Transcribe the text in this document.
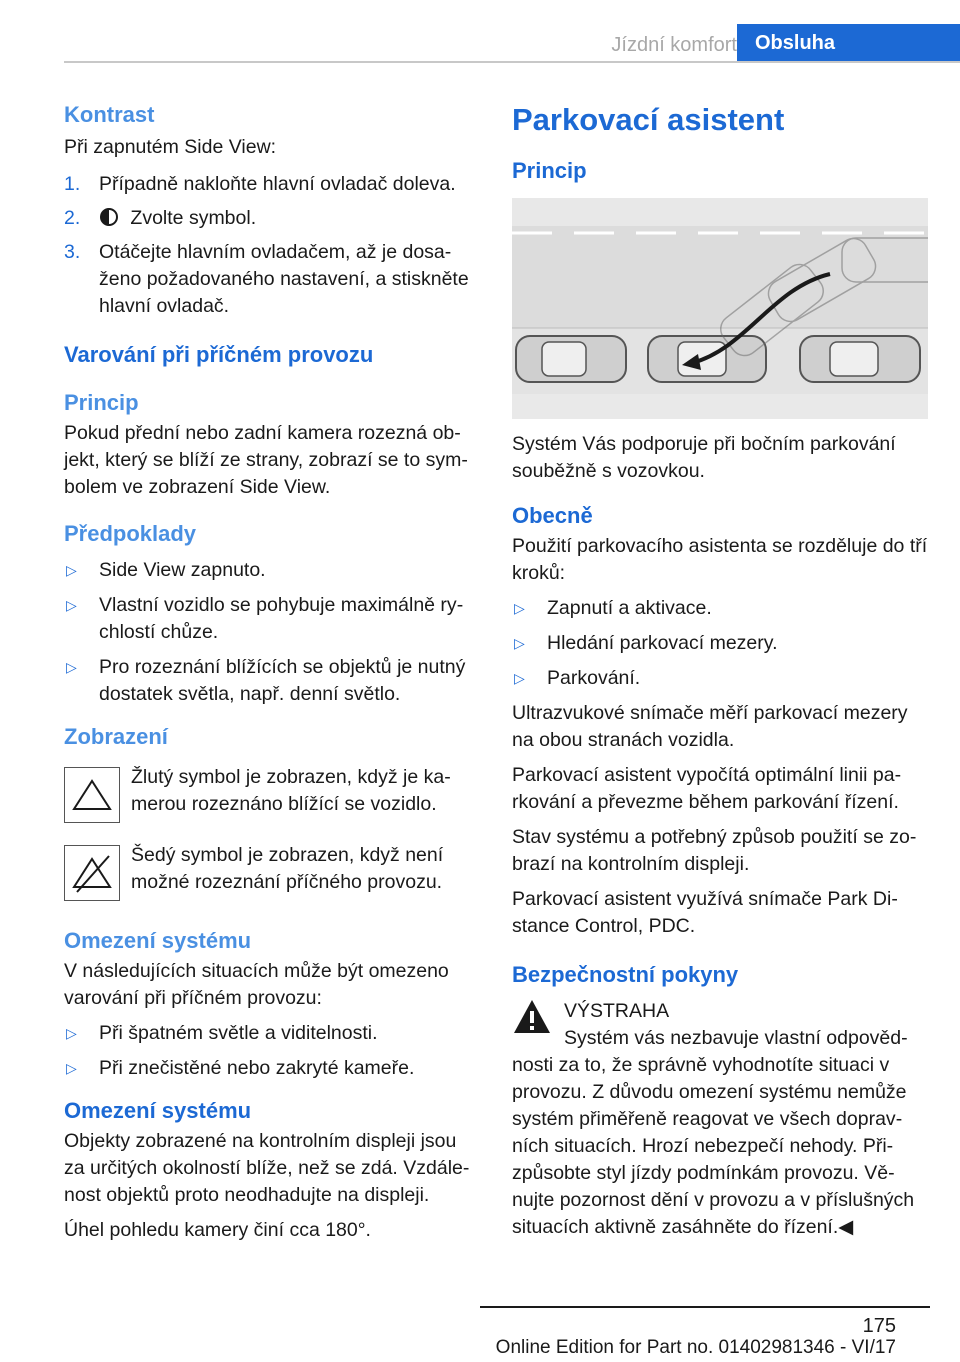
Jízdní komfort Obsluha
Kontrast
Při zapnutém Side View:
1. Případně nakloňte hlavní ovladač doleva.
2.	Zvolte symbol.
3. Otáčejte hlavním ovladačem, až je dosaženo požadovaného nastavení, a stiskněte hlavní ovladač.
Varování při příčném provozu
Princip
Pokud přední nebo zadní kamera rozezná objekt, který se blíží ze strany, zobrazí se to symbolem ve zobrazení Side View.
Předpoklady
▷ Side View zapnuto.
▷ Vlastní vozidlo se pohybuje maximálně rychlostí chůze.
▷ Pro rozeznání blížících se objektů je nutný dostatek světla, např. denní světlo.
Zobrazení
Žlutý symbol je zobrazen, když je kamerou rozeznáno blížící se vozidlo.
Šedý symbol je zobrazen, když není možné rozeznání příčného provozu.
Omezení systému
V následujících situacích může být omezeno varování při příčném provozu:
▷ Při špatném světle a viditelnosti.
▷ Při znečistěné nebo zakryté kameře.
Omezení systému
Objekty zobrazené na kontrolním displeji jsou za určitých okolností blíže, než se zdá. Vzdálenost objektů proto neodhadujte na displeji.
Úhel pohledu kamery činí cca 180°.
Parkovací asistent
Princip
Systém Vás podporuje při bočním parkování souběžně s vozovkou.
Obecně
Použití parkovacího asistenta se rozděluje do tří kroků:
▷ Zapnutí a aktivace.
▷ Hledání parkovací mezery.
▷ Parkování.
Ultrazvukové snímače měří parkovací mezery na obou stranách vozidla.
Parkovací asistent vypočítá optimální linii parkování a převezme během parkování řízení.
Stav systému a potřebný způsob použití se zobrazí na kontrolním displeji.
Parkovací asistent využívá snímače Park Distance Control, PDC.
Bezpečnostní pokyny
VÝSTRAHA
Systém vás nezbavuje vlastní odpovědnosti za to, že správně vyhodnotíte situaci v provozu. Z důvodu omezení systému nemůže systém přiměřeně reagovat ve všech dopravních situacích. Hrozí nebezpečí nehody. Přizpůsobte styl jízdy podmínkám provozu. Věnujte pozornost dění v provozu a v příslušných situacích aktivně zasáhněte do řízení.◀
175
Online Edition for Part no. 01402981346 - VI/17
